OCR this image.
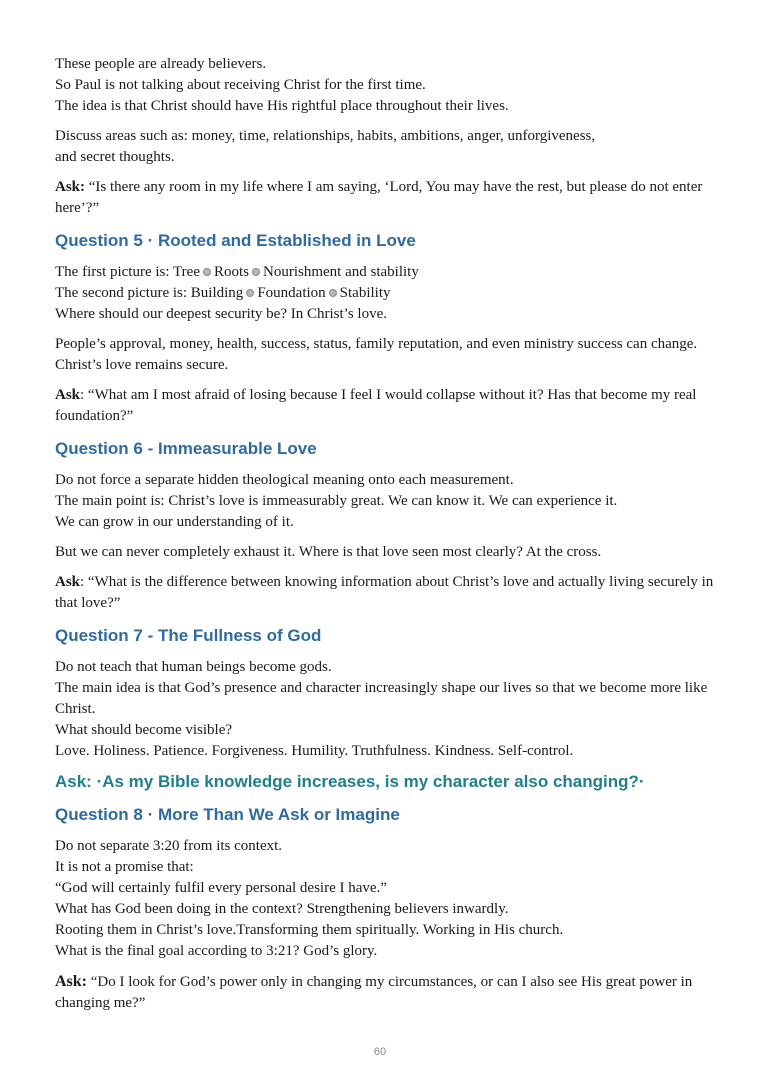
These people are already believers.
So Paul is not talking about receiving Christ for the first time.
The idea is that Christ should have His rightful place throughout their lives.

Discuss areas such as: money, time, relationships, habits, ambitions, anger, unforgiveness,
and secret thoughts.

Ask: “Is there any room in my life where I am saying, ‘Lord, You may have the rest, but please do not enter here’?”

Question 5 · Rooted and Established in Love

The first picture is: Tree Roots Nourishment and stability
The second picture is: Building Foundation Stability
Where should our deepest security be? In Christ’s love.

People’s approval, money, health, success, status, family reputation, and even ministry success can change. Christ’s love remains secure.

Ask: “What am I most afraid of losing because I feel I would collapse without it? Has that become my real foundation?”

Question 6 - Immeasurable Love

Do not force a separate hidden theological meaning onto each measurement.
The main point is: Christ’s love is immeasurably great. We can know it. We can experience it.
We can grow in our understanding of it.

But we can never completely exhaust it. Where is that love seen most clearly? At the cross.

Ask: “What is the difference between knowing information about Christ’s love and actually living securely in that love?”

Question 7 - The Fullness of God

Do not teach that human beings become gods.
The main idea is that God’s presence and character increasingly shape our lives so that we become more like Christ.
What should become visible?
Love. Holiness. Patience. Forgiveness. Humility. Truthfulness. Kindness. Self-control.

Ask: ·As my Bible knowledge increases, is my character also changing?·
Question 8 · More Than We Ask or Imagine

Do not separate 3:20 from its context.
It is not a promise that:
“God will certainly fulfil every personal desire I have.”
What has God been doing in the context? Strengthening believers inwardly.
Rooting them in Christ’s love.Transforming them spiritually. Working in His church.
What is the final goal according to 3:21? God’s glory.

Ask: “Do I look for God’s power only in changing my circumstances, or can I also see His great power in changing me?”

60
